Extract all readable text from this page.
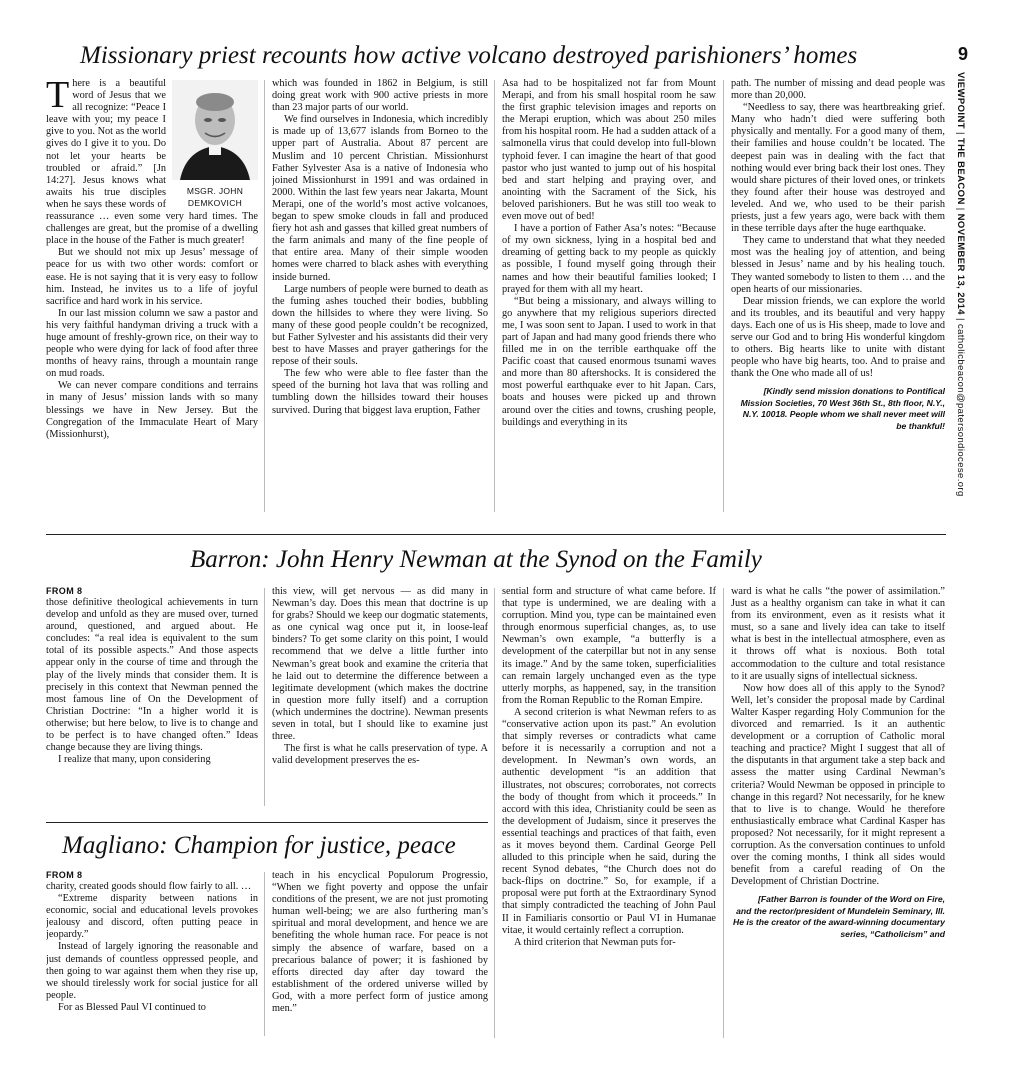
9
VIEWPOINT | THE BEACON | NOVEMBER 13, 2014 | catholicbeacon@patersondiocese.org
Missionary priest recounts how active volcano destroyed parishioners’ homes

MSGR. JOHN
DEMKOVICH
T here is a beautiful word of Jesus that we all recognize: “Peace I leave with you; my peace I give to you. Not as the world gives do I give it to you. Do not let your hearts be troubled or afraid.” [Jn 14:27]. Jesus knows what awaits his true disciples when he says these words of reassurance … even some very hard times. The challenges are great, but the promise of a dwelling place in the house of the Father is much greater!

But we should not mix up Jesus’ message of peace for us with two other words: comfort or ease. He is not saying that it is very easy to follow him. Instead, he invites us to a life of joyful sacrifice and hard work in his service.

In our last mission column we saw a pastor and his very faithful handyman driving a truck with a huge amount of freshly-grown rice, on their way to people who were dying for lack of food after three months of heavy rains, through a mountain range on mud roads.

We can never compare conditions and terrains in many of Jesus’ mission lands with so many blessings we have in New Jersey. But the Congregation of the Immaculate Heart of Mary (Missionhurst),

which was founded in 1862 in Belgium, is still doing great work with 900 active priests in more than 23 major parts of our world.

We find ourselves in Indonesia, which incredibly is made up of 13,677 islands from Borneo to the upper part of Australia. About 87 percent are Muslim and 10 percent Christian. Missionhurst Father Sylvester Asa is a native of Indonesia who joined Missionhurst in 1991 and was ordained in 2000. Within the last few years near Jakarta, Mount Merapi, one of the world’s most active volcanoes, began to spew smoke clouds in fall and produced fiery hot ash and gasses that killed great numbers of the farm animals and many of the fine people of that entire area. Many of their simple wooden homes were charred to black ashes with everything inside burned.

Large numbers of people were burned to death as the fuming ashes touched their bodies, bubbling down the hillsides to where they were living. So many of these good people couldn’t be recognized, but Father Sylvester and his assistants did their very best to have Masses and prayer gatherings for the repose of their souls.

The few who were able to flee faster than the speed of the burning hot lava that was rolling and tumbling down the hillsides toward their houses survived. During that biggest lava eruption, Father

Asa had to be hospitalized not far from Mount Merapi, and from his small hospital room he saw the first graphic television images and reports on the Merapi eruption, which was about 250 miles from his hospital room. He had a sudden attack of a salmonella virus that could develop into full-blown typhoid fever. I can imagine the heart of that good pastor who just wanted to jump out of his hospital bed and start helping and praying over, and anointing with the Sacrament of the Sick, his beloved parishioners. But he was still too weak to even move out of bed!

I have a portion of Father Asa’s notes: “Because of my own sickness, lying in a hospital bed and dreaming of getting back to my people as quickly as possible, I found myself going through their names and how their beautiful families looked; I prayed for them with all my heart.

“But being a missionary, and always willing to go anywhere that my religious superiors directed me, I was soon sent to Japan. I used to work in that part of Japan and had many good friends there who filled me in on the terrible earthquake off the Pacific coast that caused enormous tsunami waves and more than 80 aftershocks. It is considered the most powerful earthquake ever to hit Japan. Cars, boats and houses were picked up and thrown around over the cities and towns, crushing people, buildings and everything in its

path. The number of missing and dead people was more than 20,000.

“Needless to say, there was heartbreaking grief. Many who hadn’t died were suffering both physically and mentally. For a good many of them, their families and house couldn’t be located. The deepest pain was in dealing with the fact that nothing would ever bring back their lost ones. They would share pictures of their loved ones, or trinkets they found after their house was destroyed and leveled. And we, who used to be their parish priests, just a few years ago, were back with them in these terrible days after the huge earthquake.

They came to understand that what they needed most was the healing joy of attention, and being blessed in Jesus’ name and by his healing touch. They wanted somebody to listen to them … and the open hearts of our missionaries.

Dear mission friends, we can explore the world and its troubles, and its beautiful and very happy days. Each one of us is His sheep, made to love and serve our God and to bring His wonderful kingdom to others. Big hearts like to unite with distant people who have big hearts, too. And to praise and thank the One who made all of us!

[Kindly send mission donations to Pontifical Mission Societies, 70 West 36th St., 8th floor, N.Y., N.Y. 10018. People whom we shall never meet will be thankful!

Barron: John Henry Newman at the Synod on the Family
FROM 8

those definitive theological achievements in turn develop and unfold as they are mused over, turned around, questioned, and argued about. He concludes: “a real idea is equivalent to the sum total of its possible aspects.” And those aspects appear only in the course of time and through the play of the lively minds that consider them. It is precisely in this context that Newman penned the most famous line of On the Development of Christian Doctrine: “In a higher world it is otherwise; but here below, to live is to change and to be perfect is to have changed often.” Ideas change because they are living things.

I realize that many, upon considering

this view, will get nervous — as did many in Newman’s day. Does this mean that doctrine is up for grabs? Should we keep our dogmatic statements, as one cynical wag once put it, in loose-leaf binders? To get some clarity on this point, I would recommend that we delve a little further into Newman’s great book and examine the criteria that he laid out to determine the difference between a legitimate development (which makes the doctrine in question more fully itself) and a corruption (which undermines the doctrine). Newman presents seven in total, but I should like to examine just three.

The first is what he calls preservation of type. A valid development preserves the es-

sential form and structure of what came before. If that type is undermined, we are dealing with a corruption. Mind you, type can be maintained even through enormous superficial changes, as, to use Newman’s own example, “a butterfly is a development of the caterpillar but not in any sense its image.” And by the same token, superficialities can remain largely unchanged even as the type utterly morphs, as happened, say, in the transition from the Roman Republic to the Roman Empire.

A second criterion is what Newman refers to as “conservative action upon its past.” An evolution that simply reverses or contradicts what came before it is necessarily a corruption and not a development. In Newman’s own words, an authentic development “is an addition that illustrates, not obscures; corroborates, not corrects the body of thought from which it proceeds.” In accord with this idea, Christianity could be seen as the development of Judaism, since it preserves the essential teachings and practices of that faith, even as it moves beyond them. Cardinal George Pell alluded to this principle when he said, during the recent Synod debates, “the Church does not do back-flips on doctrine.” So, for example, if a proposal were put forth at the Extraordinary Synod that simply contradicted the teaching of John Paul II in Familiaris consortio or Paul VI in Humanae vitae, it would certainly reflect a corruption.

A third criterion that Newman puts for-

ward is what he calls “the power of assimilation.” Just as a healthy organism can take in what it can from its environment, even as it resists what it must, so a sane and lively idea can take to itself what is best in the intellectual atmosphere, even as it throws off what is noxious. Both total accommodation to the culture and total resistance to it are usually signs of intellectual sickness.

Now how does all of this apply to the Synod? Well, let’s consider the proposal made by Cardinal Walter Kasper regarding Holy Communion for the divorced and remarried. Is it an authentic development or a corruption of Catholic moral teaching and practice? Might I suggest that all of the disputants in that argument take a step back and assess the matter using Cardinal Newman’s criteria? Would Newman be opposed in principle to change in this regard? Not necessarily, for he knew that to live is to change. Would he therefore enthusiastically embrace what Cardinal Kasper has proposed? Not necessarily, for it might represent a corruption. As the conversation continues to unfold over the coming months, I think all sides would benefit from a careful reading of On the Development of Christian Doctrine.

[Father Barron is founder of the Word on Fire, and the rector/president of Mundelein Seminary, Ill. He is the creator of the award-winning documentary series, “Catholicism” and

Magliano: Champion for justice, peace
FROM 8

charity, created goods should flow fairly to all. …

“Extreme disparity between nations in economic, social and educational levels provokes jealousy and discord, often putting peace in jeopardy.”

Instead of largely ignoring the reasonable and just demands of countless oppressed people, and then going to war against them when they rise up, we should tirelessly work for social justice for all people.

For as Blessed Paul VI continued to

teach in his encyclical Populorum Progressio, “When we fight poverty and oppose the unfair conditions of the present, we are not just promoting human well-being; we are also furthering man’s spiritual and moral development, and hence we are benefiting the whole human race. For peace is not simply the absence of warfare, based on a precarious balance of power; it is fashioned by efforts directed day after day toward the establishment of the ordered universe willed by God, with a more perfect form of justice among men.”
